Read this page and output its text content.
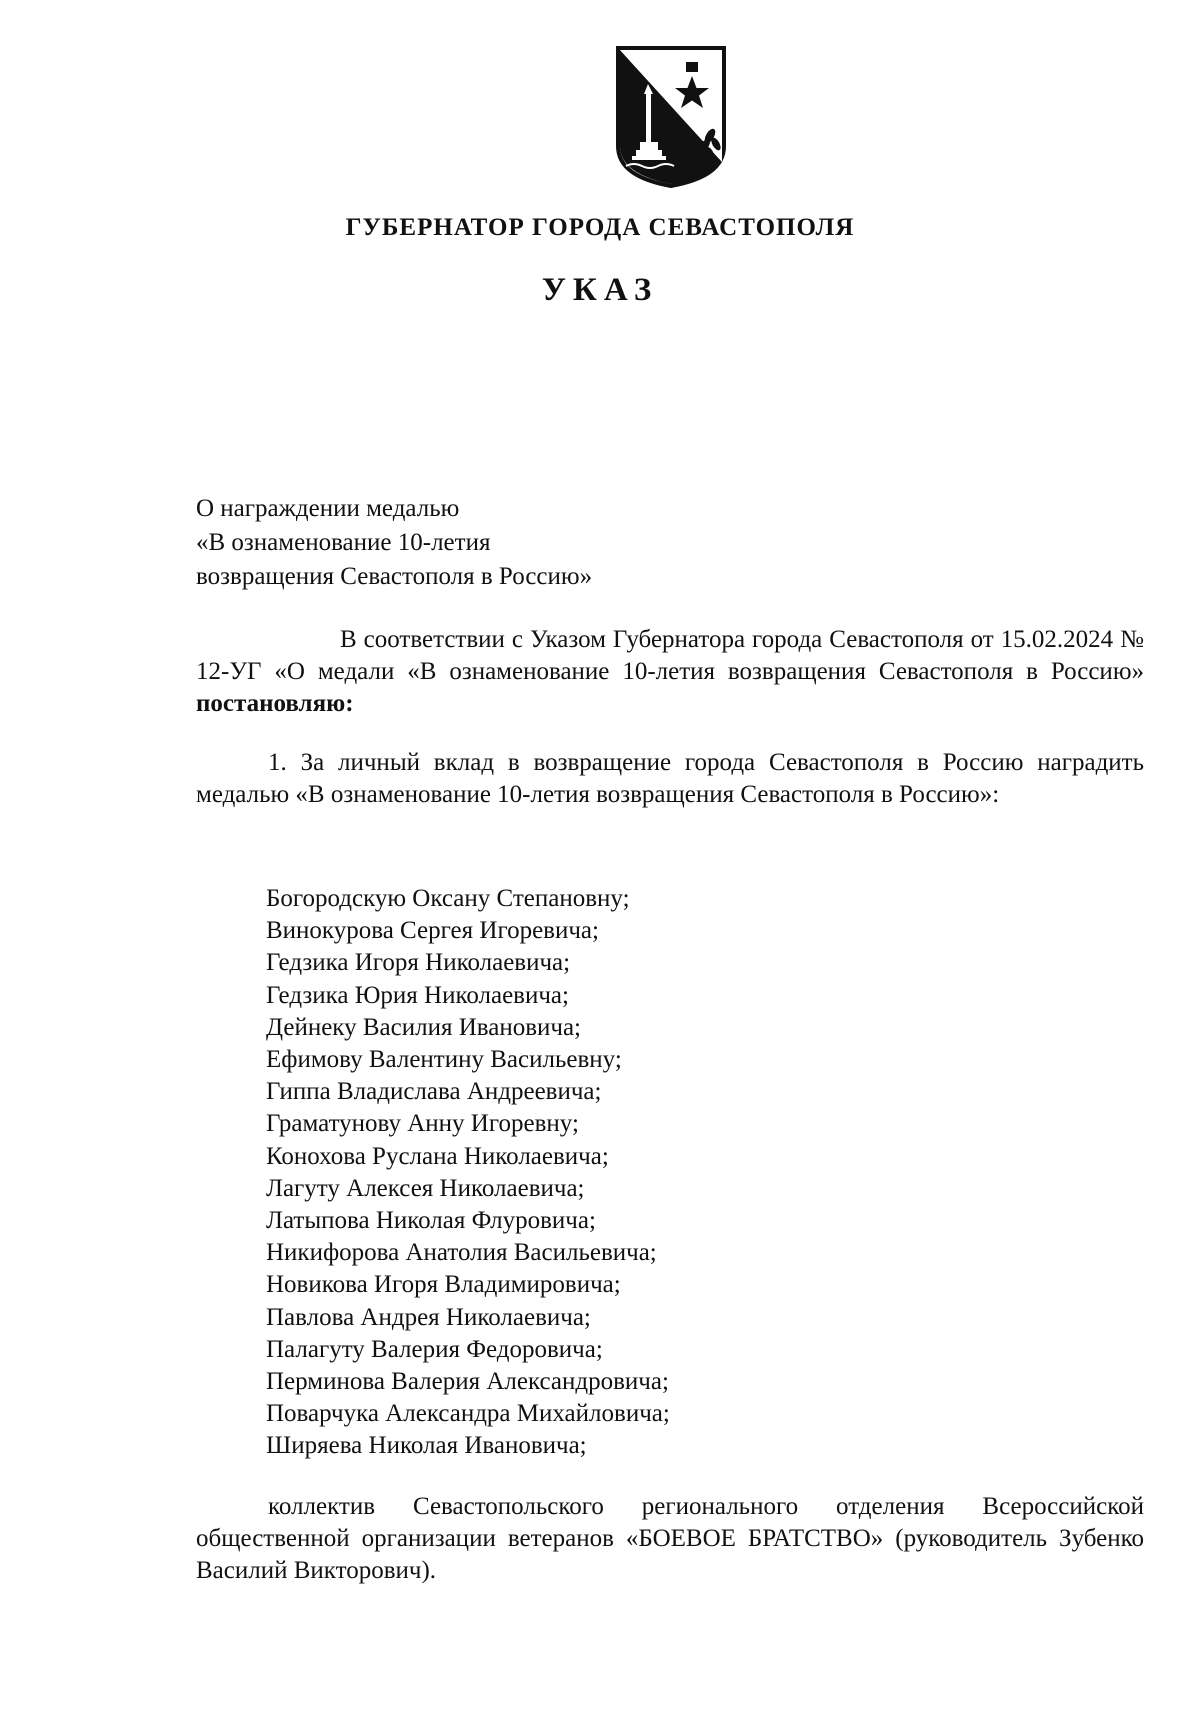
ГУБЕРНАТОР ГОРОДА СЕВАСТОПОЛЯ
УКАЗ
О награждении медалью
«В ознаменование 10-летия
возвращения Севастополя в Россию»
В соответствии с Указом Губернатора города Севастополя от 15.02.2024 № 12-УГ «О медали «В ознаменование 10-летия возвращения Севастополя в Россию» постановляю:
1. За личный вклад в возвращение города Севастополя в Россию наградить медалью «В ознаменование 10-летия возвращения Севастополя в Россию»:
Богородскую Оксану Степановну;
Винокурова Сергея Игоревича;
Гедзика Игоря Николаевича;
Гедзика Юрия Николаевича;
Дейнеку Василия Ивановича;
Ефимову Валентину Васильевну;
Гиппа Владислава Андреевича;
Граматунову Анну Игоревну;
Конохова Руслана Николаевича;
Лагуту Алексея Николаевича;
Латыпова Николая Флуровича;
Никифорова Анатолия Васильевича;
Новикова Игоря Владимировича;
Павлова Андрея Николаевича;
Палагуту Валерия Федоровича;
Перминова Валерия Александровича;
Поварчука Александра Михайловича;
Ширяева Николая Ивановича;
коллектив Севастопольского регионального отделения Всероссийской общественной организации ветеранов «БОЕВОЕ БРАТСТВО» (руководитель Зубенко Василий Викторович).
